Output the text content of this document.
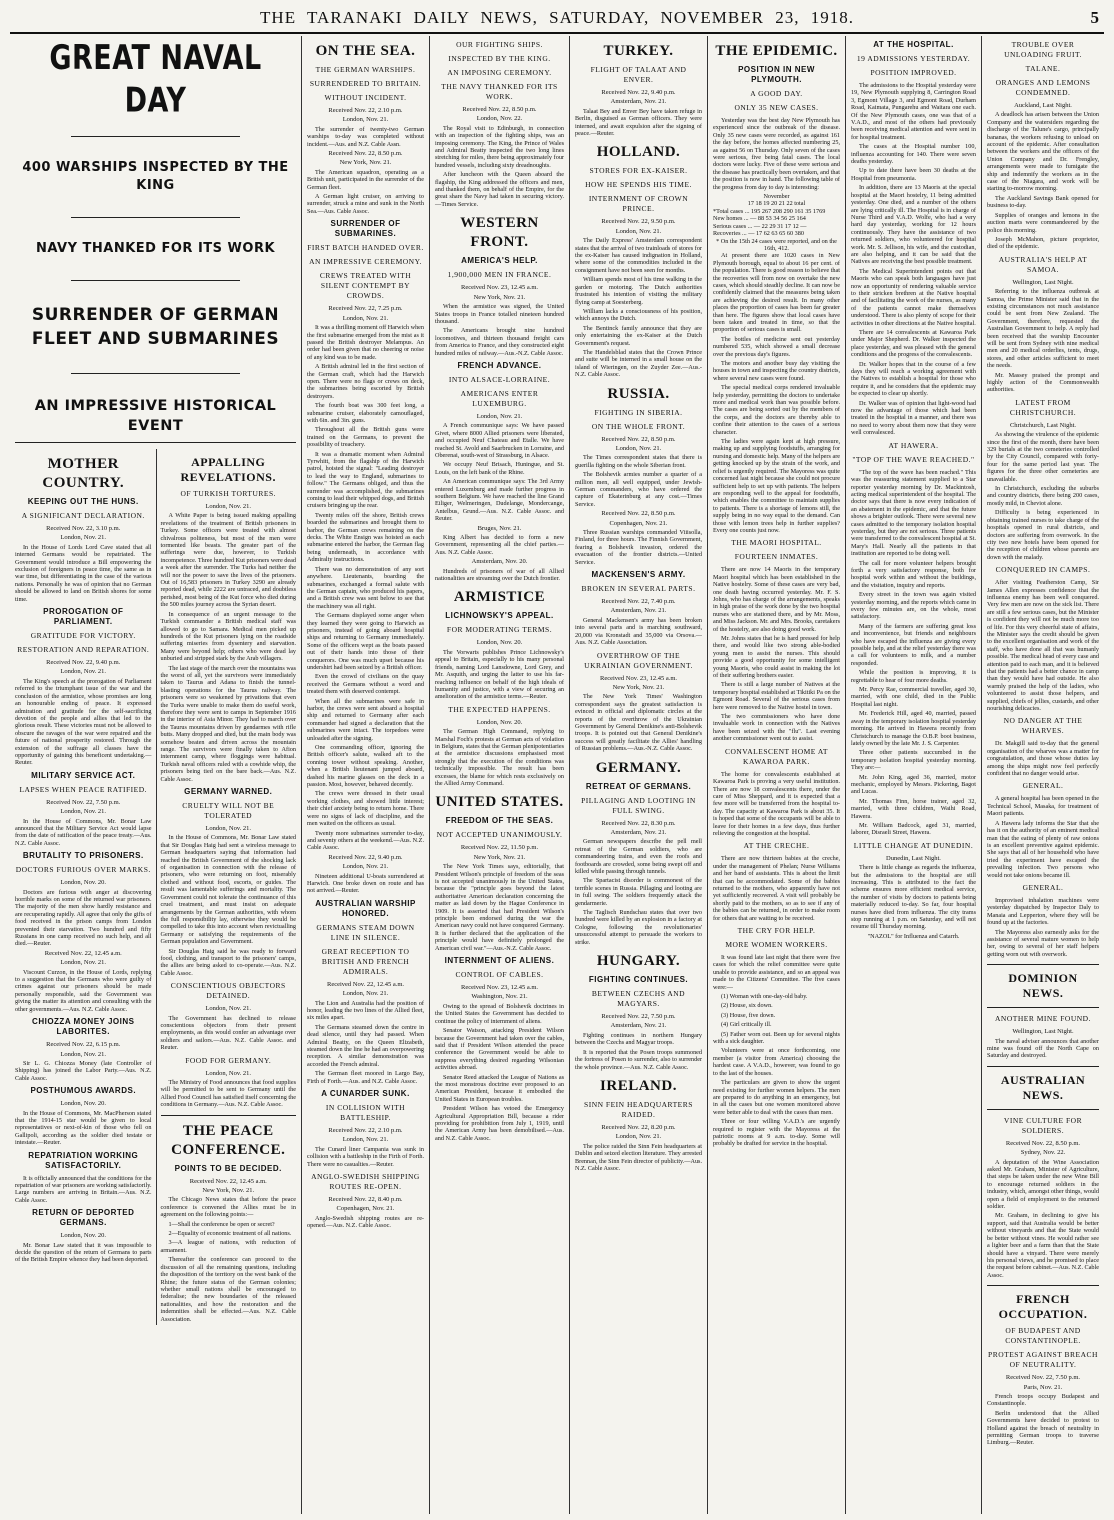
THE TARANAKI DAILY NEWS, SATURDAY, NOVEMBER 23, 1918.	5
GREAT NAVAL DAY
400 WARSHIPS INSPECTED BY THE KING
NAVY THANKED FOR ITS WORK
SURRENDER OF GERMAN FLEET AND SUBMARINES
AN IMPRESSIVE HISTORICAL EVENT
MOTHER COUNTRY.
KEEPING OUT THE HUNS.
A SIGNIFICANT DECLARATION.
Received Nov. 22, 3.10 p.m.
London, Nov. 21.

In the House of Lords Lord Cave stated that all interned Germans would be repatriated. The Government would introduce a Bill empowering the exclusion of foreigners in peace time, the same as in war time, but differentiating in the case of the various nations. Personally he was of opinion that no German should be allowed to land on British shores for some time.

PROROGATION OF PARLIAMENT.
GRATITUDE FOR VICTORY.
RESTORATION AND REPARATION.
Received Nov. 22, 9.40 p.m.
London, Nov. 21.

The King's speech at the prorogation of Parliament referred to the triumphant issue of the war and the conclusion of the armistice, whose promises are long an honourable ending of peace. It expressed admiration and gratitude for the self-sacrificing devotion of the people and allies that led to the glorious result. These victories must not be allowed to obscure the ravages of the war were repaired and the future of national prosperity restored. Through the extension of the suffrage all classes have the opportunity of gaining this beneficent undertaking.—Reuter.

MILITARY SERVICE ACT.
LAPSES WHEN PEACE RATIFIED.
Received Nov. 22, 7.50 p.m.
London, Nov. 21.

In the House of Commons, Mr. Bonar Law announced that the Military Service Act would lapse from the date of ratification of the peace treaty.—Aus. N.Z. Cable Assoc.

BRUTALITY TO PRISONERS.
DOCTORS FURIOUS OVER MARKS.
London, Nov. 20.

Doctors are furious with anger at discovering horrible marks on some of the returned war prisoners. The majority of the men show hardly resistance and are recuperating rapidly. All agree that only the gifts of food received in the prison camps from London prevented their starvation. Two hundred and fifty Russians in one camp received no such help, and all died.—Reuter.

Received Nov. 22, 12.45 a.m.
London, Nov. 21.

Viscount Curzon, in the House of Lords, replying to a suggestion that the Germans who were guilty of crimes against our prisoners should be made personally responsible, said the Government was giving the matter its attention and consulting with the other governments.—Aus. N.Z. Cable Assoc.

CHIOZZA MONEY JOINS LABORITES.
Received Nov. 22, 6.15 p.m.
London, Nov. 21.

Sir L. G. Chiozza Money (late Controller of Shipping) has joined the Labor Party.—Aus. N.Z. Cable Assoc.

POSTHUMOUS AWARDS.
London, Nov. 20.

In the House of Commons, Mr. MacPherson stated that the 1914-15 star would be given to local representatives or next-of-kin of those who fell on Gallipoli, according as the soldier died testate or intestate.—Reuter.

REPATRIATION WORKING SATISFACTORILY.

It is officially announced that the conditions for the repatriation of war prisoners are working satisfactorily. Large numbers are arriving in Britain.—Aus. N.Z. Cable Assoc.

RETURN OF DEPORTED GERMANS.
London, Nov. 20.

Mr. Bonar Law stated that it was impossible to decide the question of the return of Germans to parts of the British Empire whence they had been deported.

APPALLING REVELATIONS.
OF TURKISH TORTURES.
London, Nov. 21.

A White Paper is being issued making appalling revelations of the treatment of British prisoners in Turkey. Some officers were treated with almost chivalrous politeness, but most of the men were tormented like beasts. The greater part of the sufferings were due, however, to Turkish incompetence. Three hundred Kut prisoners were dead a week after the surrender. The Turks had neither the will nor the power to save the lives of the prisoners. Out of 16,583 prisoners in Turkey 3290 are already reported dead, while 2222 are untraced, and doubtless perished, most being of the Kut force who died during the 500 miles journey across the Syrian desert.

In consequence of an urgent message to the Turkish commander a British medical staff was allowed to go to Samara. Medical men picked up hundreds of the Kut prisoners lying on the roadside suffering miseries from dysentery and starvation. Many were beyond help; others who were dead lay unburied and stripped stark by the Arab villagers.

The last stage of the march over the mountains was the worst of all, yet the survivors were immediately taken to Taurus and Adana to finish the tunnel-blasting operations for the Taurus railway. The prisoners were so weakened by privations that even the Turks were unable to make them do useful work, therefore they were sent to camps in September 1916 in the interior of Asia Minor. They had to march over the Taurus mountains driven by gendarmes with rifle butts. Many dropped and died, but the main body was somehow beaten and driven across the mountain range. The survivors were finally taken to Afion internment camp, where floggings were habitual. Turkish naval officers ruled with a cowhide whip, the prisoners being tied on the bare back.—Aus. N.Z. Cable Assoc.

GERMANY WARNED.
CRUELTY WILL NOT BE TOLERATED
London, Nov. 21.

In the House of Commons, Mr. Bonar Law stated that Sir Douglas Haig had sent a wireless message to German headquarters saying that information had reached the British Government of the shocking lack of organisation in connection with the release of prisoners, who were returning on foot, miserably clothed and without food, escorts, or guides. The result was lamentable sufferings and mortality. The Government could not tolerate the continuance of this cruel treatment, and must insist on adequate arrangements by the German authorities, with whom the full responsibility lay, otherwise they would be compelled to take this into account when revictualling Germany or satisfying the requirements of the German population and Government.

Sir Douglas Haig said he was ready to forward food, clothing, and transport to the prisoners' camps, the allies are being asked to co-operate.—Aus. N.Z. Cable Assoc.

CONSCIENTIOUS OBJECTORS DETAINED.
London, Nov. 21.

The Government has declined to release conscientious objectors from their present employments, as this would confer an advantage over soldiers and sailors.—Aus. N.Z. Cable Assoc. and Reuter.

FOOD FOR GERMANY.
London, Nov. 21.

The Ministry of Food announces that food supplies will be permitted to be sent to Germany until the Allied Food Council has satisfied itself concerning the conditions in Germany.—Aus. N.Z. Cable Assoc.

THE PEACE CONFERENCE.
POINTS TO BE DECIDED.
Received Nov. 22, 12.45 a.m.
New York, Nov. 21.

The Chicago News states that before the peace conference is convened the Allies must be in agreement on the following points:—

1—Shall the conference be open or secret?

2—Equality of economic treatment of all nations.

3—A league of nations, with reduction of armament.

Thereafter the conference can proceed to the discussion of all the remaining questions, including the disposition of the territory on the west bank of the Rhine; the future status of the German colonies; whether small nations shall be encouraged to federalise; the new boundaries of the released nationalities, and how the restoration and the indemnities shall be effected.—Aus. N.Z. Cable Association.

ON THE SEA.
THE GERMAN WARSHIPS.
SURRENDERED TO BRITAIN.
WITHOUT INCIDENT.
Received Nov. 22, 2.10 p.m.
London, Nov. 21.

The surrender of twenty-two German warships to-day was completed without incident.—Aus. and N.Z. Cable Assn.

Received Nov. 22, 8.50 p.m.
New York, Nov. 21.

The American squadron, operating as a British unit, participated in the surrender of the German fleet.

A German light cruiser, on arriving to surrender, struck a mine and sunk in the North Sea.—Aus. Cable Assoc.

SURRENDER OF SUBMARINES.
FIRST BATCH HANDED OVER.
AN IMPRESSIVE CEREMONY.
CREWS TREATED WITH SILENT CONTEMPT BY CROWDS.
Received Nov. 22, 7.25 p.m.
London, Nov. 21.

It was a thrilling moment off Harwich when the first submarine emerged from the mist as it passed the British destroyer Melampus. An order had been given that no cheering or noise of any kind was to be made.

A British admiral led in the first section of the German craft, which had the Harwich open. There were no flags or crews on deck, the submarines being escorted by British destroyers.

The fourth boat was 300 feet long, a submarine cruiser, elaborately camouflaged, with 6in. and 3in. guns.

Throughout all the British guns were trained on the Germans, to prevent the possibility of treachery.

It was a dramatic moment when Admiral Tyrwhitt, from the flagship of the Harwich patrol, hoisted the signal: "Leading destroyer to lead the way to England, submarines to follow." The Germans obliged, and thus the surrender was accomplished, the submarines coming to lead their whipped dogs, and British cruisers bringing up the rear.

Twenty miles off the shore, British crews boarded the submarines and brought them to harbor, the German crews remaining on the decks. The White Ensign was hoisted as each submarine entered the harbor, the German flag being underneath, in accordance with Admiralty instructions.

There was no demonstration of any sort anywhere. Lieutenants, boarding the submarines, exchanged a formal salute with the German captain, who produced his papers, and a British crew was sent below to see that the machinery was all right.

The Germans displayed some anger when they learned they were going to Harwich as prisoners, instead of going aboard hospital ships and returning to Germany immediately. Some of the officers wept as the boats passed out of their hands into those of their conquerors. One was much upset because his undershirt had been seized by a British officer.

Even the crowd of civilians on the quay received the Germans without a word and treated them with deserved contempt.

When all the submarines were safe in harbor, the crews were sent aboard a hospital ship and returned to Germany after each commander had signed a declaration that the submarines were intact. The torpedoes were unloaded after the signing.

One commanding officer, ignoring the British officer's salute, walked aft to the conning tower without speaking. Another, when a British lieutenant jumped aboard, dashed his marine glasses on the deck in a passion. Most, however, behaved decently.

The crews were dressed in their usual working clothes, and showed little interest; their chief anxiety being to return home. There were no signs of lack of discipline, and the men waited on the officers as usual.

Twenty more submarines surrender to-day, and seventy others at the weekend.—Aus. N.Z. Cable Assoc.

Received Nov. 22, 9.40 p.m.
London, Nov. 21.

Nineteen additional U-boats surrendered at Harwich. One broke down on route and has not arrived.—Reuter.

AUSTRALIAN WARSHIP HONORED.
GERMANS STEAM DOWN LINE IN SILENCE.
GREAT RECEPTION TO BRITISH AND FRENCH ADMIRALS.
Received Nov. 22, 12.45 a.m.
London, Nov. 21.

The Lion and Australia had the position of honor, leading the two lines of the Allied fleet, six miles apart.

The Germans steamed down the centre in dead silence, until they had passed. When Admiral Beatty, on the Queen Elizabeth, steamed down the line he had an overpowering reception. A similar demonstration was accorded the French admiral.

The German fleet moored in Largo Bay, Firth of Forth.—Aus. and N.Z. Cable Assoc.

A CUNARDER SUNK.
IN COLLISION WITH BATTLESHIP.
Received Nov. 22, 2.10 p.m.
London, Nov. 21.

The Cunard liner Campania was sunk in collision with a battleship in the Firth of Forth. There were no casualties.—Reuter.

ANGLO-SWEDISH SHIPPING ROUTES RE-OPEN.
Received Nov. 22, 8.40 p.m.
Copenhagen, Nov. 21.

Anglo-Swedish shipping routes are re-opened.—Aus. N.Z. Cable Assoc.

OUR FIGHTING SHIPS.
INSPECTED BY THE KING.
AN IMPOSING CEREMONY.
THE NAVY THANKED FOR ITS WORK.
Received Nov. 22, 8.50 p.m.
London, Nov. 22.

The Royal visit to Edinburgh, in connection with an inspection of the fighting ships, was an imposing ceremony. The King, the Prince of Wales and Admiral Beatty inspected the two long lines stretching for miles, there being approximately four hundred vessels, including sixty dreadnoughts.

After luncheon with the Queen aboard the flagship, the King addressed the officers and men, and thanked them, on behalf of the Empire, for the great share the Navy had taken in securing victory.—Times Service.

WESTERN FRONT.
AMERICA'S HELP.
1,900,000 MEN IN FRANCE.
Received Nov. 23, 12.45 a.m.
New York, Nov. 21.

When the armistice was signed, the United States troops in France totalled nineteen hundred thousand.

The Americans brought nine hundred locomotives, and thirteen thousand freight cars from America to France, and they constructed eight hundred miles of railway.—Aus.-N.Z. Cable Assoc.

FRENCH ADVANCE.
INTO ALSACE-LORRAINE.
AMERICANS ENTER LUXEMBURG.
London, Nov. 21.

A French communique says: We have passed Givet, where 8000 Allied prisoners were liberated, and occupied Neuf Chateau and Etalle. We have reached St. Avold and Saarbrucken in Lorraine, and Oberenai, south-west of Strassburg, in Alsace.

We occupy Neuf Brisach, Huningue, and St. Louis, on the left bank of the Rhine.

An American communique says: The 3rd Army entered Luxemburg and made further progress in southern Belgium. We have reached the line Grand Eiliger, Welmeringen, Dudelange, Mondercange, Antelbus, Grund.—Aus. N.Z. Cable Assoc. and Reuter.

Bruges, Nov. 21.

King Albert has decided to form a new Government, representing all the chief parties.—Aus. N.Z. Cable Assoc.

Amsterdam, Nov. 20.

Hundreds of prisoners of war of all Allied nationalities are streaming over the Dutch frontier.

ARMISTICE
LICHNOWSKY'S APPEAL.
FOR MODERATING TERMS.
London, Nov. 20.

The Vorwarts publishes Prince Lichnowsky's appeal to Britain, especially to his many personal friends, naming Lord Lansdowne, Lord Grey, and Mr. Asquith, and urging the latter to use his far-reaching influence on behalf of the high ideals of humanity and justice, with a view of securing an amelioration of the armistice terms.—Reuter.

THE EXPECTED HAPPENS.
London, Nov. 20.

The German High Command, replying to Marshal Foch's protests at German acts of violation in Belgium, states that the German plenipotentiaries at the armistice discussions emphasised most strongly that the execution of the conditions was technically impossible. The result has been excesses, the blame for which rests exclusively on the Allied Army Command.

UNITED STATES.
FREEDOM OF THE SEAS.
NOT ACCEPTED UNANIMOUSLY.
Received Nov. 22, 11.50 p.m.
New York, Nov. 21.

The New York Times says, editorially, that President Wilson's principle of freedom of the seas is not accepted unanimously in the United States, because the "principle goes beyond the latest authoritative American declaration concerning the matter as laid down by the Hague Conference in 1909. It is asserted that had President Wilson's principle been endorsed during the war the American navy could not have conquered Germany. It is further declared that the application of the principle would have definitely prolonged the American civil war."—Aus.-N.Z. Cable Assoc.

INTERNMENT OF ALIENS.
CONTROL OF CABLES.
Received Nov. 23, 12.45 a.m.
Washington, Nov. 21.

Owing to the spread of Bolshevik doctrines in the United States the Government has decided to continue the policy of internment of aliens.

Senator Watson, attacking President Wilson because the Government had taken over the cables, said that if President Wilson attended the peace conference the Government would be able to suppress everything desired regarding Wilsonian activities abroad.

Senator Reed attacked the League of Nations as the most monstrous doctrine ever proposed to an American President, because it embodied the United States in European troubles.

President Wilson has vetoed the Emergency Agricultural Appropriation Bill, because a rider providing for prohibition from July 1, 1919, until the American Army has been demobilised.—Aus. and N.Z. Cable Assoc.

TURKEY.
FLIGHT OF TALAAT AND ENVER.
Received Nov. 22, 9.40 p.m.
Amsterdam, Nov. 21.

Talaat Bey and Enver Bey have taken refuge in Berlin, disguised as German officers. They were interned, and await expulsion after the signing of peace.—Reuter.

HOLLAND.
STORES FOR EX-KAISER.
HOW HE SPENDS HIS TIME.
INTERNMENT OF CROWN PRINCE.
Received Nov. 22, 9.50 p.m.
London, Nov. 21.

The Daily Express' Amsterdam correspondent states that the arrival of two trainloads of stores for the ex-Kaiser has caused indignation in Holland, where some of the commodities included in the consignment have not been seen for months.

William spends most of his time walking in the garden or motoring. The Dutch authorities frustrated his intention of visiting the military flying camp at Soesterberg.

William lacks a consciousness of his position, which annoys the Dutch.

The Bentinck family announce that they are only entertaining the ex-Kaiser at the Dutch Government's request.

The Handelsblad states that the Crown Prince and suite will be interned in a small house on the island of Wieringen, on the Zuyder Zee.—Aus.-N.Z. Cable Assoc.

RUSSIA.
FIGHTING IN SIBERIA.
ON THE WHOLE FRONT.
Received Nov. 22, 8.50 p.m.
London, Nov. 21.

The Times correspondent states that there is guerilla fighting on the whole Siberian front.

The Bolshevik armies number a quarter of a million men, all well equipped, under Jewish-German commanders, who have ordered the capture of Ekaterinburg at any cost.—Times Service.

Received Nov. 22, 8.50 p.m.
Copenhagen, Nov. 21.

Three Russian warships commanded Viiisolla, Finland, for three hours. The Finnish Government, fearing a Bolshevik invasion, ordered the evacuation of the frontier districts.—United Service.

MACKENSEN'S ARMY.
BROKEN IN SEVERAL PARTS.
Received Nov. 22, 7.40 p.m.
Amsterdam, Nov. 21.

General Mackensen's army has been broken into several parts and is marching southward, 20,000 via Kronstadt and 35,000 via Orsova.—Aus. N.Z. Cable Association.

OVERTHROW OF THE UKRAINIAN GOVERNMENT.
Received Nov. 23, 12.45 a.m.
New York, Nov. 21.

The New York Times' Washington correspondent says the greatest satisfaction is evinced in official and diplomatic circles at the reports of the overthrow of the Ukrainian Government by General Denikine's anti-Bolshevik troops. It is pointed out that General Denikine's success will greatly facilitate the Allies' handling of Russian problems.—Aus.-N.Z. Cable Assoc.

GERMANY.
RETREAT OF GERMANS.
PILLAGING AND LOOTING IN FULL SWING.
Received Nov. 22, 8.30 p.m.
Amsterdam, Nov. 21.

German newspapers describe the pell mell retreat of the German soldiers, who are commandeering trains, and even the roofs and footboards are crowded, some being swept off and killed while passing through tunnels.

The Spartacist disorder is commonest of the terrible scenes in Russia. Pillaging and looting are in full swing. The soldiers frequently attack the gendarmerie.

The Taglisch Rundschau states that over two hundred were killed by an explosion in a factory at Cologne, following the revolutionaries' unsuccessful attempt to persuade the workers to strike.

HUNGARY.
FIGHTING CONTINUES.
BETWEEN CZECHS AND MAGYARS.
Received Nov. 22, 7.50 p.m.
Amsterdam, Nov. 21.

Fighting continues in northern Hungary between the Czechs and Magyar troops.

It is reported that the Posen troops summoned the fortress of Posen to surrender, also to surrender the whole province.—Aus. N.Z. Cable Assoc.

IRELAND.
SINN FEIN HEADQUARTERS RAIDED.
Received Nov. 22, 8.20 p.m.
London, Nov. 21.

The police raided the Sinn Fein headquarters at Dublin and seized election literature. They arrested Brennan, the Sinn Fein director of publicity.—Aus. N.Z. Cable Assoc.

THE EPIDEMIC.
POSITION IN NEW PLYMOUTH.
A GOOD DAY.
ONLY 35 NEW CASES.

Yesterday was the best day New Plymouth has experienced since the outbreak of the disease. Only 35 new cases were recorded, as against 161 the day before, the homes affected numbering 25, as against 56 on Thursday. Only seven of the cases were serious, five being fatal cases. The local doctors were lucky. Five of these were serious and the disease has practically been overtaken, and that the position is now in hand. The following table of the progress from day to day is interesting:

November
17 18 19 20 21 22 total
*Total cases ... 195 267 208 290 161 35 1769
New homes ... — 88 53 34 56 25 164
Serious cases ... — 22 29 31 17 12 —
Recoveries ... — 17 62 63 65 60 380
* On the 15th 24 cases were reported, and on the 16th, 412.

At present there are 1020 cases in New Plymouth borough, equal to about 16 per cent. of the population. There is good reason to believe that the recoveries will from now on overtake the new cases, which should steadily decline. It can now be confidently claimed that the measures being taken are achieving the desired result. In many other places the proportion of cases has been far greater than here. The figures show that local cases have been taken and treated in time, so that the proportion of serious cases is small.

The bottles of medicine sent out yesterday numbered 535, which showed a small decrease over the previous day's figures.

The motors and another busy day visiting the houses in town and inspecting the country districts, where several new cases were found.

The special medical corps rendered invaluable help yesterday, permitting the doctors to undertake more and medical work than was possible before. The cases are being sorted out by the members of the corps, and the doctors are thereby able to confine their attention to the cases of a serious character.

The ladies were again kept at high pressure, making up and supplying foodstuffs, arranging for nursing and domestic help. Many of the helpers are getting knocked up by the strain of the work, and relief is urgently required. The Mayoress was quite concerned last night because she could not procure sufficient help to set up with patients. The helpers are responding well to the appeal for foodstuffs, which enables the committee to maintain supplies to patients. There is a shortage of lemons still, the supply being in no way equal to the demand. Can those with lemon trees help in further supplies? Every one counts just now.

THE MAORI HOSPITAL.
FOURTEEN INMATES.

There are now 14 Maoris in the temporary Maori hospital which has been established in the Native hostelry. Some of these cases are very bad, one death having occurred yesterday. Mr. F. S. Johns, who has charge of the arrangements, speaks in high praise of the work done by the two hospital nurses who are stationed there, and by Mr. Moss, and Miss Jackson. Mr. and Mrs. Brooks, caretakers of the hostelry, are also doing good work.

Mr. Johns states that he is hard pressed for help there, and would like two strong able-bodied young men to assist the nurses. This should provide a good opportunity for some intelligent young Maoris, who could assist in making the lot of their suffering brothers easier.

There is still a large number of Natives at the temporary hospital established at Tikitiki Pa on the Egmont Road. Several of the serious cases from here were removed to the Native hostel in town.

The two commissioners who have done invaluable work in connection with the Natives have been seized with the "flu". Last evening another commissioner went out to assist.

CONVALESCENT HOME AT KAWAROA PARK.

The home for convalescents established at Kawaroa Park is proving a very useful institution. There are now 18 convalescents there, under the care of Miss Sheppard, and it is expected that a few more will be transferred from the hospital to-day. The capacity at Kawaroa Park is about 35. It is hoped that some of the occupants will be able to leave for their homes in a few days, thus further relieving the congestion at the hospital.

AT THE CRECHE.

There are now thirteen babies at the creche, under the management of Phelan; Nurse Williams and her band of assistants. This is about the limit that can be accommodated. Some of the babies returned to the mothers, who apparently have not yet sufficiently recovered. A visit will probably be shortly paid to the mothers, so as to see if any of the babies can be returned, in order to make room for others that are waiting to be received.

THE CRY FOR HELP.
MORE WOMEN WORKERS.

It was found late last night that there were five cases for which the relief committee were quite unable to provide assistance, and so an appeal was made to the Citizens' Committee. The five cases were:—

(1) Woman with one-day-old baby.

(2) House, six down.

(3) House, five down.

(4) Girl critically ill.

(5) Father worn out. Been up for several nights with a sick daughter.

Volunteers were at once forthcoming, one member (a visitor from America) choosing the hardest case. A V.A.D., however, was found to go to the last of the houses.

The particulars are given to show the urgent need existing for further women helpers. The men are prepared to do anything in an emergency, but in all the cases but one women monitored above were better able to deal with the cases than men.

Three or four willing V.A.D.'s are urgently required to register with the Mayoress at the patriotic rooms at 9 a.m. to-day. Some will probably be drafted for service in the hospital.

AT THE HOSPITAL.
19 ADMISSIONS YESTERDAY.
POSITION IMPROVED.

The admissions to the Hospital yesterday were 19, New Plymouth supplying 8, Carrington Road 3, Egmont Village 3, and Egmont Road, Durham Road, Kaimata, Pungarehu and Waitara one each. Of the New Plymouth cases, one was that of a V.A.D., and most of the others had previously been receiving medical attention and were sent in for hospital treatment.

The cases at the Hospital number 100, influenza accounting for 140. There were seven deaths yesterday.

Up to date there have been 30 deaths at the Hospital from pneumonia.

In addition, there are 13 Maoris at the special hospital at the Maori hostelry, 11 being admitted yesterday. One died, and a number of the others are lying critically ill. The Hospital is in charge of Nurse Third and V.A.D. Wolfe, who had a very hard day yesterday, working for 12 hours continuously. They have the assistance of two returned soldiers, who volunteered for hospital work. Mr. S. Jellison, his wife, and the custodian, are also helping, and it can be said that the Natives are receiving the best possible treatment.

The Medical Superintendent points out that Maoris who can speak both languages have just now an opportunity of rendering valuable service to their stricken brethren at the Native hospital and of facilitating the work of the nurses, as many of the patients cannot make themselves understood. There is also plenty of scope for their activities in other directions at the Native hospital.

There are 14 convalescents at Kawaroa Park under Major Shepherd. Dr. Walker inspected the place yesterday, and was pleased with the general conditions and the progress of the convalescents.

Dr. Walker hopes that in the course of a few days they will reach a working agreement with the Natives to establish a hospital for those who require it, and he considers that the epidemic may be expected to clear up shortly.

Dr. Walker was of opinion that light-wood had now the advantage of those which had been treated in the hospital in a manner, and there was no need to worry about them now that they were well convalesced.

AT HAWERA.
"TOP OF THE WAVE REACHED."

"The top of the wave has been reached." This was the reassuring statement supplied to a Star reporter yesterday morning by Dr. Mackintosh, acting medical superintendent of the hospital. The doctor says that there is now every indication of an abatement in the epidemic, and that the future shows a brighter outlook. There were several new cases admitted to the temporary isolation hospital yesterday, but they are not serious. Three patients were transferred to the convalescent hospital at St. Mary's Hall. Nearly all the patients in that institution are reported to be doing well.

The call for more volunteer helpers brought forth a very satisfactory response, both for hospital work within and without the buildings, and the visitation, inquiry and reports.

Every street in the town was again visited yesterday morning, and the reports which came in every few minutes are, on the whole, most satisfactory.

Many of the farmers are suffering great loss and inconvenience, but friends and neighbours who have escaped the influenza are giving every possible help, and at the relief yesterday there was a call for volunteers to milk, and a number responded.

While the position is improving, it is regrettable to hear of four more deaths.

Mr. Percy Rae, commercial traveller, aged 30, married, with one child, died in the Public Hospital last night.

Mr. Frederick Hill, aged 40, married, passed away in the temporary isolation hospital yesterday morning. He arrived in Hawera recently from Christchurch to manage the O.B.P. boot business, lately owned by the late Mr. J. S. Carpenter.

Three other patients succumbed in the temporary isolation hospital yesterday morning. They are:—

Mr. John King, aged 36, married, motor mechanic, employed by Messrs. Pickering, Bagot and Lucas.

Mr. Thomas Finn, horse trainer, aged 32, married, with three children, Waihi Road, Hawera.

Mr. William Badcock, aged 31, married, laborer, Disraeli Street, Hawera.

LITTLE CHANGE AT DUNEDIN.
Dunedin, Last Night.

There is little change as regards the influenza, but the admissions to the hospital are still increasing. This is attributed to the fact the scheme ensures more efficient medical service, the number of visits by doctors to patients being materially reduced to-day. So far, four hospital nurses have died from influenza. The city trams stop running at 1 p.m. on Saturday, and will not resume till Thursday morning.

"NAZOL" for Influenza and Catarrh.
TROUBLE OVER UNLOADING FRUIT.
TALANE.
ORANGES AND LEMONS CONDEMNED.
Auckland, Last Night.

A deadlock has arisen between the Union Company and the watersiders regarding the discharge of the Talune's cargo, principally bananas, the workers refusing to unload on account of the epidemic. After consultation between the workers and the officers of the Union Company and Dr. Frengley, arrangements were made to fumigate the ship and indemnify the workers as in the case of the Niagara, and work will be starting to-morrow morning.

The Auckland Savings Bank opened for business to-day.

Supplies of oranges and lemons in the auction marts were commandeered by the police this morning.

Joseph McMahon, picture proprietor, died of the epidemic.

AUSTRALIA'S HELP AT SAMOA.
Wellington, Last Night.

Referring to the influenza outbreak at Samoa, the Prime Minister said that in the existing circumstances not much assistance could be sent from New Zealand. The Government, therefore, requested the Australian Government to help. A reply had been received that the warship Encounter will be sent from Sydney with nine medical men and 20 medical orderlies, tents, drugs, stores, and other articles sufficient to meet the needs.

Mr. Massey praised the prompt and highly action of the Commonwealth authorities.

LATEST FROM CHRISTCHURCH.
Christchurch, Last Night.

As showing the virulence of the epidemic since the first of the month, there have been 329 burials at the two cemeteries controlled by the City Council, compared with forty-four for the same period last year. The figures for the three other cemeteries are unavailable.

In Christchurch, excluding the suburbs and country districts, there being 200 cases, mostly mild, in Cheviot alone.

Difficulty is being experienced in obtaining trained nurses to take charge of the hospitals opened in rural districts, and doctors are suffering from overwork. In the city two new hotels have been opened for the reception of children whose parents are down with the malady.

CONQUERED IN CAMPS.

After visiting Featherston Camp, Sir James Allen expresses confidence that the influenza enemy has been well conquered. Very few men are now on the sick list. There are still a few serious cases, but the Minister is confident they will not be much more too of life. For this very cheerful state of affairs, the Minister says the credit should be given to the excellent organisation and work of the staff, who have done all that was humanly possible. The medical head of every case and attention paid to each man, and it is believed that the patients had a better chance in camp than they would have had outside. He also warmly praised the help of the ladies, who volunteered to assist those helpers, and supplied, chiefs of jellies, custards, and other nourishing delicacies.

NO DANGER AT THE WHARVES.

Dr. Makgill said to-day that the general organisation of the wharves was a matter for congratulation, and those whose duties lay among the ships might now feel perfectly confident that no danger would arise.

GENERAL.

A general hospital has been opened in the Technical School, Masaka, for treatment of Maori patients.

A Hawera lady informs the Star that she has it on the authority of an eminent medical man that the eating of plenty of raw onions is an excellent preventive against epidemic. She says that all of her household who have tried the experiment have escaped the prevailing infection. Two persons who would not take onions became ill.

GENERAL.

Improvised inhalation machines were yesterday dispatched by Inspector Daly to Manaia and Lepperton, where they will be found up at the factories.

The Mayoress also earnestly asks for the assistance of several mature women to help her, owing to several of her staff helpers getting worn out with overwork.

DOMINION NEWS.
ANOTHER MINE FOUND.
Wellington, Last Night.

The naval adviser announces that another mine was found off the North Cape on Saturday and destroyed.

AUSTRALIAN NEWS.
VINE CULTURE FOR SOLDIERS.
Received Nov. 22, 8.50 p.m.
Sydney, Nov. 22.

A deputation of the Wine Association asked Mr. Graham, Minister of Agriculture, that steps be taken under the new Wine Bill to encourage returned soldiers in the industry, which, amongst other things, would open a field of employment to the returned soldier.

Mr. Graham, in declining to give his support, said that Australia would be better without vineyards and that the State would be better without vines. He would rather see a lighter beer and a farm than that the State should have a vinyard. There were merely his personal views, and he promised to place the request before cabinet.—Aus. N.Z. Cable Assoc.

FRENCH OCCUPATION.
OF BUDAPEST AND CONSTANTINOPLE.
PROTEST AGAINST BREACH OF NEUTRALITY.
Received Nov. 22, 7.50 p.m.
Paris, Nov. 21.

French troops occupy Budapest and Constantinople.

Berlin understood that the Allied Governments have decided to protest to Holland against the breach of neutrality in permitting German troops to traverse Limburg.—Reuter.
